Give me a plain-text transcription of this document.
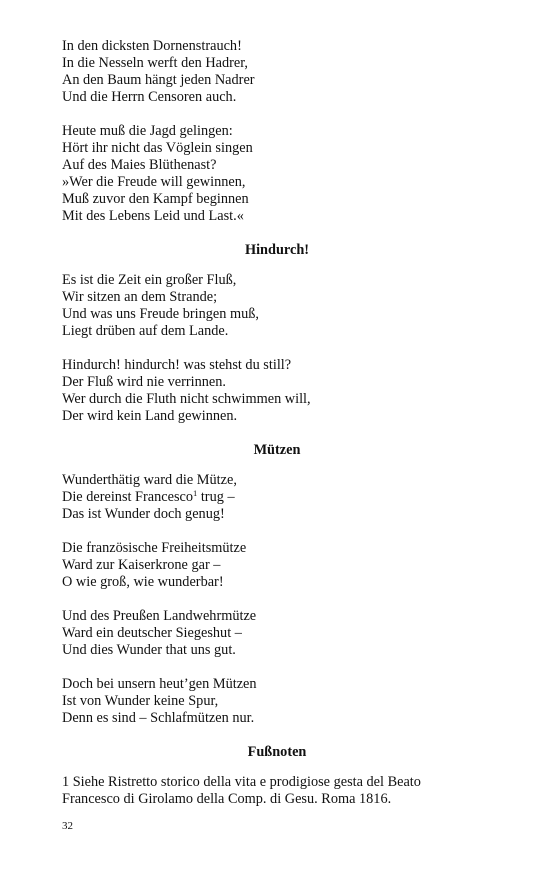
In den dicksten Dornenstrauch!
In die Nesseln werft den Hadrer,
An den Baum hängt jeden Nadrer
Und die Herrn Censoren auch.
Heute muß die Jagd gelingen:
Hört ihr nicht das Vöglein singen
Auf des Maies Blüthenast?
»Wer die Freude will gewinnen,
Muß zuvor den Kampf beginnen
Mit des Lebens Leid und Last.«
Hindurch!
Es ist die Zeit ein großer Fluß,
Wir sitzen an dem Strande;
Und was uns Freude bringen muß,
Liegt drüben auf dem Lande.
Hindurch! hindurch! was stehst du still?
Der Fluß wird nie verrinnen.
Wer durch die Fluth nicht schwimmen will,
Der wird kein Land gewinnen.
Mützen
Wunderthätig ward die Mütze,
Die dereinst Francesco$^1$ trug –
Das ist Wunder doch genug!
Die französische Freiheitsmütze
Ward zur Kaiserkrone gar –
O wie groß, wie wunderbar!
Und des Preußen Landwehrmütze
Ward ein deutscher Siegeshut –
Und dies Wunder that uns gut.
Doch bei unsern heut’gen Mützen
Ist von Wunder keine Spur,
Denn es sind – Schlafmützen nur.
Fußnoten
1 Siehe Ristretto storico della vita e prodigiose gesta del Beato
Francesco di Girolamo della Comp. di Gesu. Roma 1816.
32
